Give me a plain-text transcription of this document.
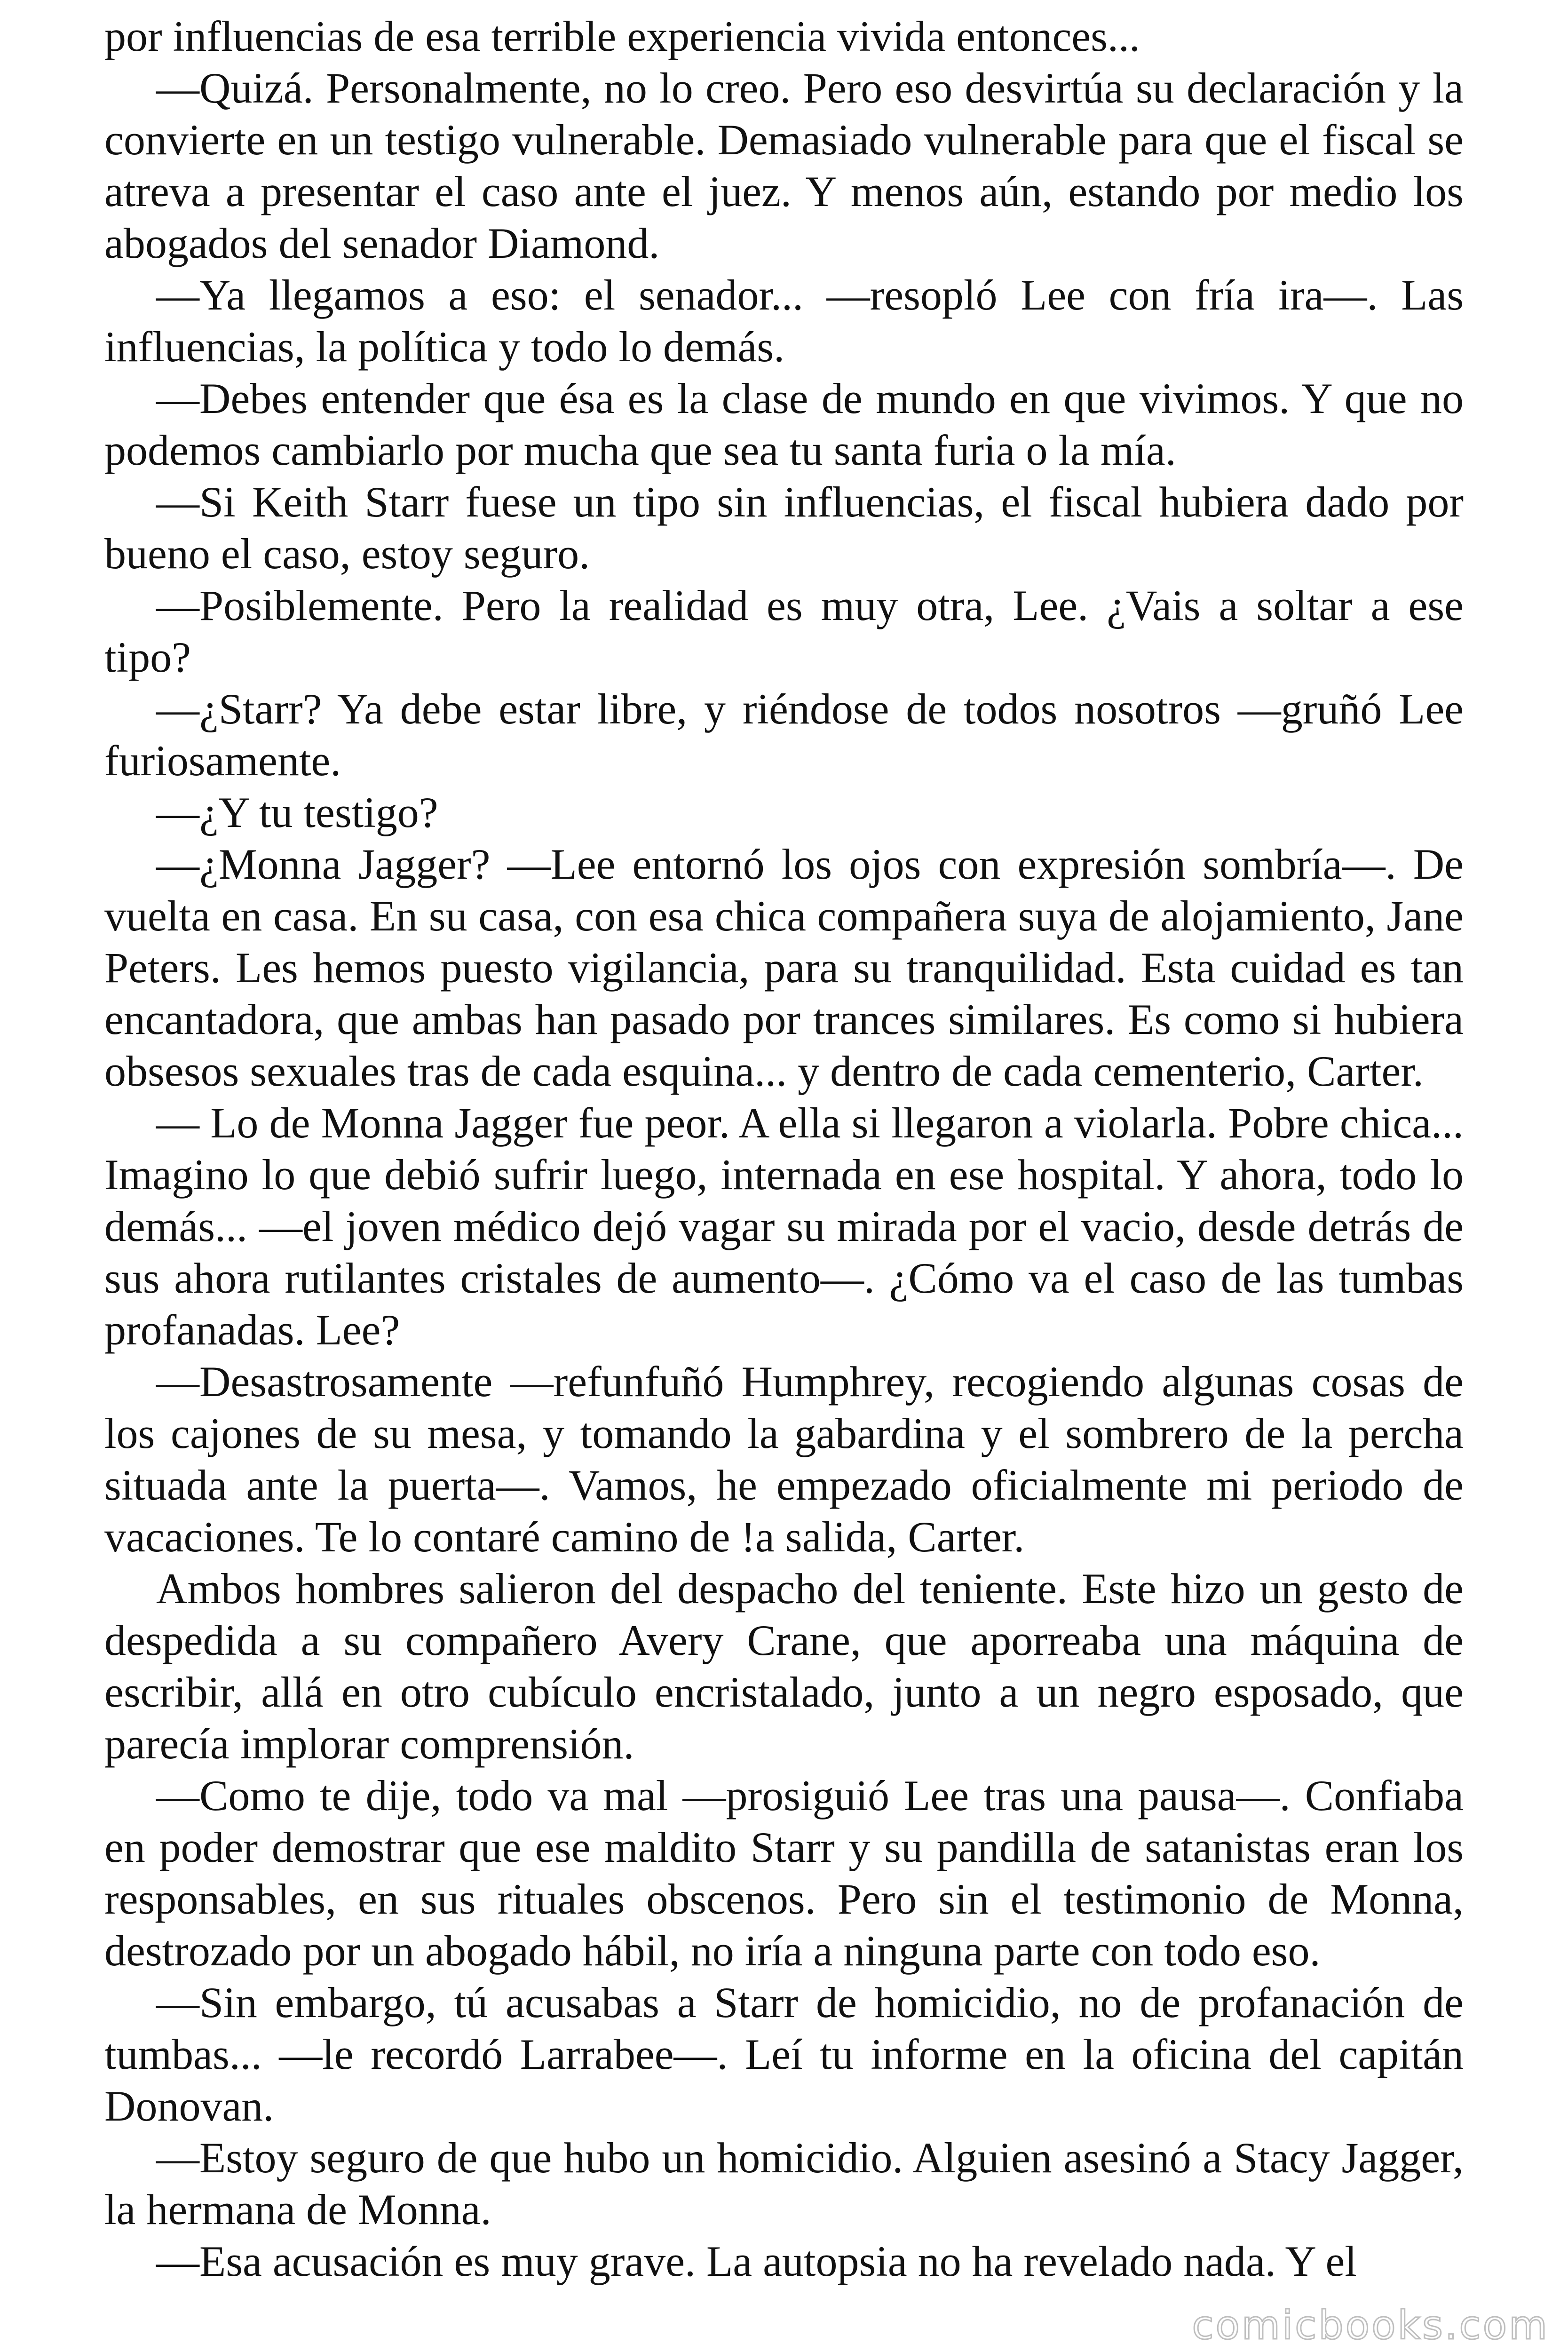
por influencias de esa terrible experiencia vivida entonces...

—Quizá. Personalmente, no lo creo. Pero eso desvirtúa su declaración y la convierte en un testigo vulnerable. Demasiado vulnerable para que el fiscal se atreva a presentar el caso ante el juez. Y menos aún, estando por medio los abogados del senador Diamond.

—Ya llegamos a eso: el senador... —resopló Lee con fría ira—. Las influencias, la política y todo lo demás.

—Debes entender que ésa es la clase de mundo en que vivimos. Y que no podemos cambiarlo por mucha que sea tu santa furia o la mía.

—Si Keith Starr fuese un tipo sin influencias, el fiscal hubiera dado por bueno el caso, estoy seguro.

—Posiblemente. Pero la realidad es muy otra, Lee. ¿Vais a soltar a ese tipo?

—¿Starr? Ya debe estar libre, y riéndose de todos nosotros —gruñó Lee furiosamente.

—¿Y tu testigo?

—¿Monna Jagger? —Lee entornó los ojos con expresión sombría—. De vuelta en casa. En su casa, con esa chica compañera suya de alojamiento, Jane Peters. Les hemos puesto vigilancia, para su tranquilidad. Esta cuidad es tan encantadora, que ambas han pasado por trances similares. Es como si hubiera obsesos sexuales tras de cada esquina... y dentro de cada cementerio, Carter.

— Lo de Monna Jagger fue peor. A ella si llegaron a violarla. Pobre chica... Imagino lo que debió sufrir luego, internada en ese hospital. Y ahora, todo lo demás... —el joven médico dejó vagar su mirada por el vacio, desde detrás de sus ahora rutilantes cristales de aumento—. ¿Cómo va el caso de las tumbas profanadas. Lee?

—Desastrosamente —refunfuñó Humphrey, recogiendo algunas cosas de los cajones de su mesa, y tomando la gabardina y el sombrero de la percha situada ante la puerta—. Vamos, he empezado oficialmente mi periodo de vacaciones. Te lo contaré camino de !a salida, Carter.

Ambos hombres salieron del despacho del teniente. Este hizo un gesto de despedida a su compañero Avery Crane, que aporreaba una máquina de escribir, allá en otro cubículo encristalado, junto a un negro esposado, que parecía implorar comprensión.

—Como te dije, todo va mal —prosiguió Lee tras una pausa—. Confiaba en poder demostrar que ese maldito Starr y su pandilla de satanistas eran los responsables, en sus rituales obscenos. Pero sin el testimonio de Monna, destrozado por un abogado hábil, no iría a ninguna parte con todo eso.

—Sin embargo, tú acusabas a Starr de homicidio, no de profanación de tumbas... —le recordó Larrabee—. Leí tu informe en la oficina del capitán Donovan.

—Estoy seguro de que hubo un homicidio. Alguien asesinó a Stacy Jagger, la hermana de Monna.

—Esa acusación es muy grave. La autopsia no ha revelado nada. Y el

comicbooks.com
